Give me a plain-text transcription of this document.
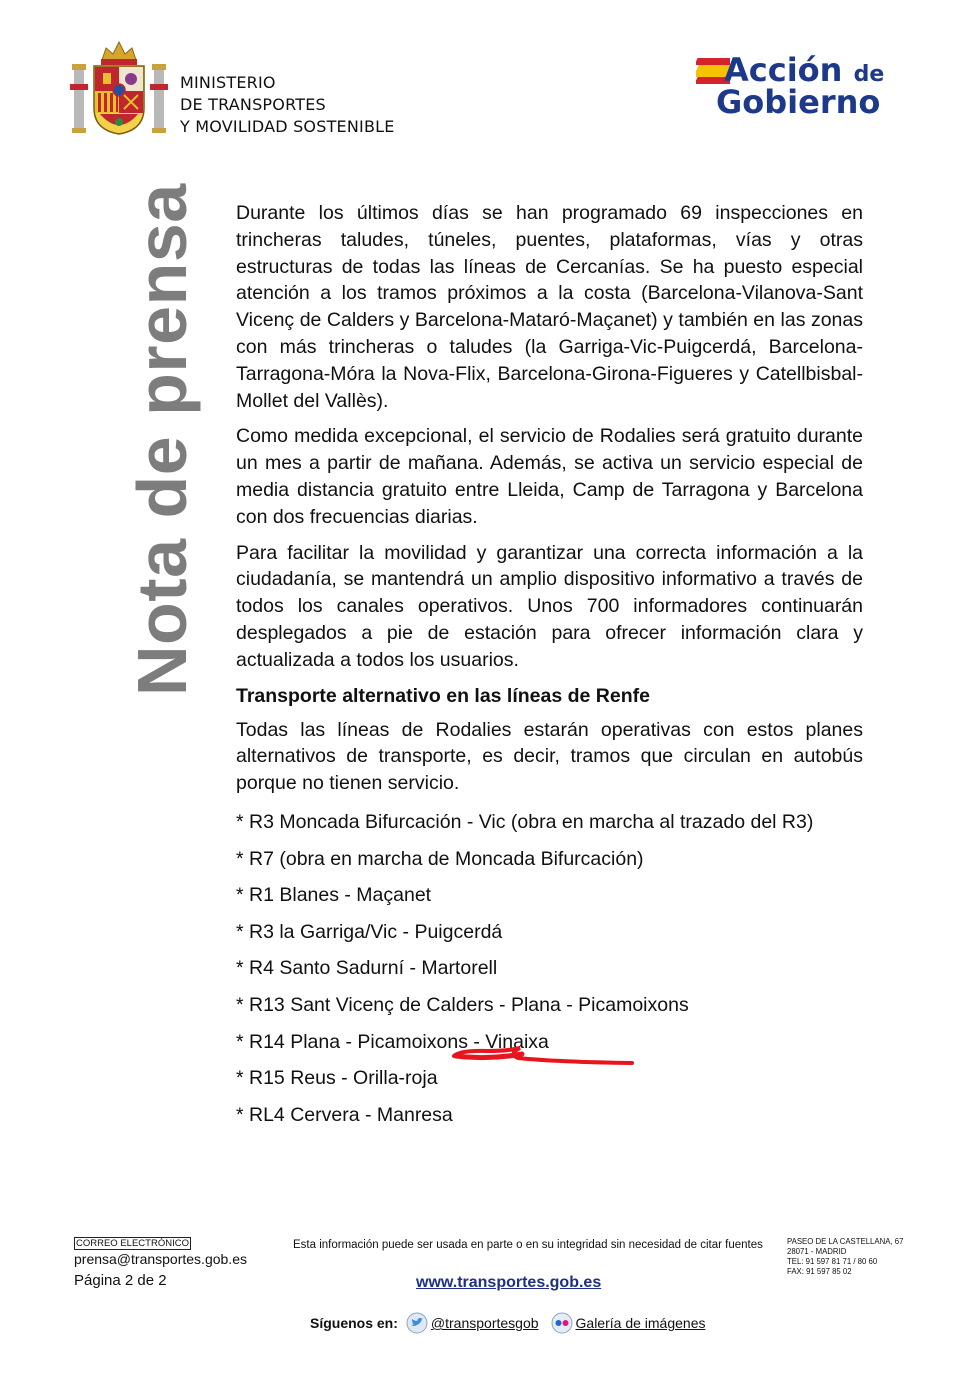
MINISTERIO
DE TRANSPORTES
Y MOVILIDAD SOSTENIBLE
Acción de
Gobierno
Nota de prensa Durante los últimos días se han programado 69 inspecciones en trincheras taludes, túneles, puentes, plataformas, vías y otras estructuras de todas las líneas de Cercanías. Se ha puesto especial atención a los tramos próximos a la costa (Barcelona-Vilanova-Sant Vicenç de Calders y Barcelona-Mataró-Maçanet) y también en las zonas con más trincheras o taludes (la Garriga-Vic-Puigcerdá, Barcelona-Tarragona-Móra la Nova-Flix, Barcelona-Girona-Figueres y Catellbisbal-Mollet del Vallès).

Como medida excepcional, el servicio de Rodalies será gratuito durante un mes a partir de mañana. Además, se activa un servicio especial de media distancia gratuito entre Lleida, Camp de Tarragona y Barcelona con dos frecuencias diarias.

Para facilitar la movilidad y garantizar una correcta información a la ciudadanía, se mantendrá un amplio dispositivo informativo a través de todos los canales operativos. Unos 700 informadores continuarán desplegados a pie de estación para ofrecer información clara y actualizada a todos los usuarios.

Transporte alternativo en las líneas de Renfe

Todas las líneas de Rodalies estarán operativas con estos planes alternativos de transporte, es decir, tramos que circulan en autobús porque no tienen servicio.

* R3 Moncada Bifurcación - Vic (obra en marcha al trazado del R3)
* R7 (obra en marcha de Moncada Bifurcación)
* R1 Blanes - Maçanet
* R3 la Garriga/Vic - Puigcerdá
* R4 Santo Sadurní - Martorell
* R13 Sant Vicenç de Calders - Plana - Picamoixons
* R14 Plana - Picamoixons - Vinaixa
* R15 Reus - Orilla-roja
* RL4 Cervera - Manresa
CORREO ELECTRÓNICO
prensa@transportes.gob.es
Página 2 de 2
Esta información puede ser usada en parte o en su integridad sin necesidad de citar fuentes
www.transportes.gob.es
PASEO DE LA CASTELLANA, 67
28071 - MADRID
TEL: 91 597 81 71 / 80 60
FAX: 91 597 85 02
Síguenos en: @transportesgob	Galería de imágenes
